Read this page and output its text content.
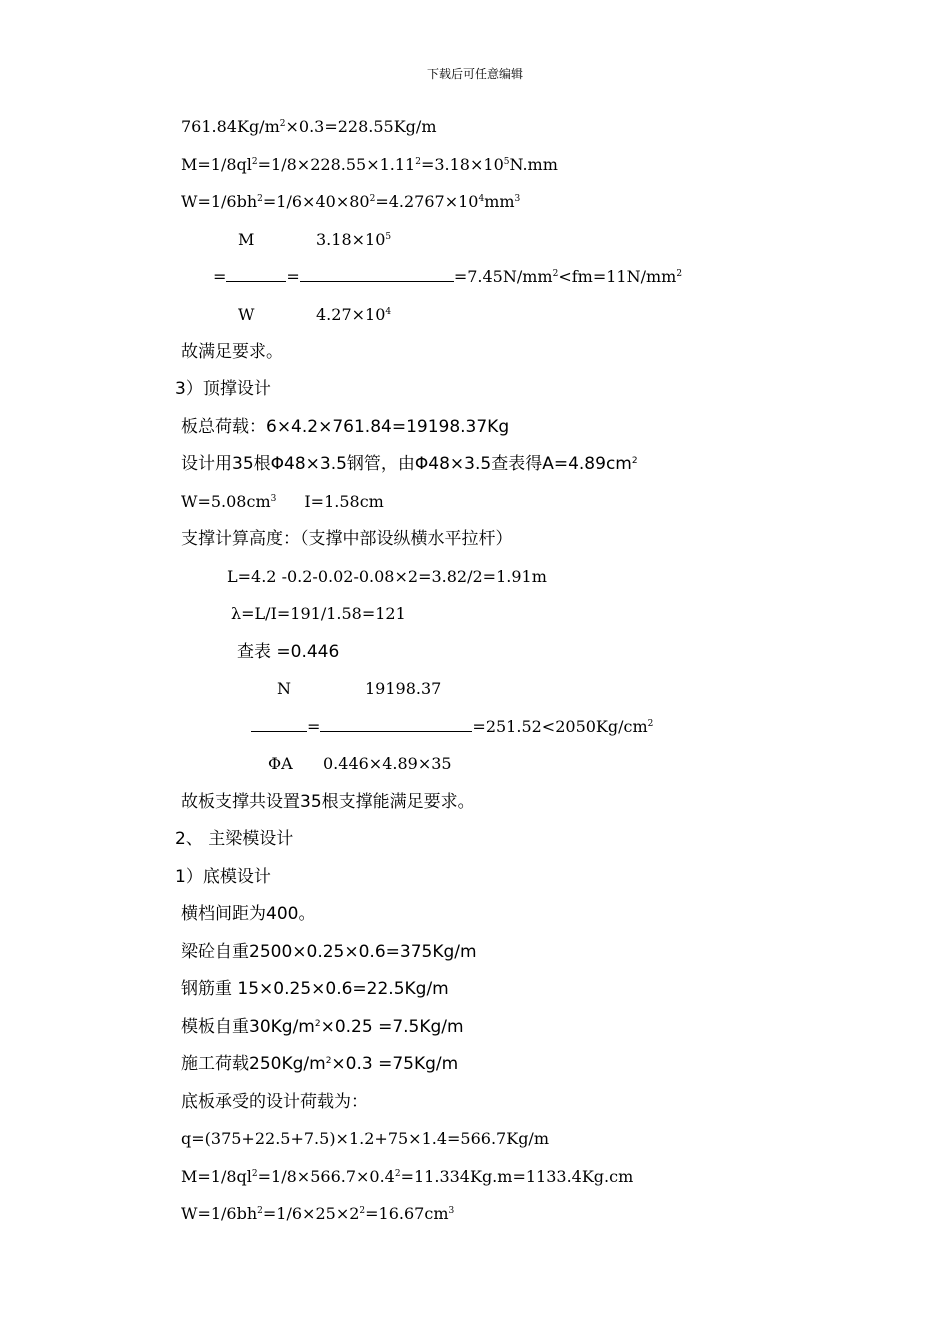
下载后可任意编辑
$761.84Kg/m^2\times 0.3=228.55Kg/m$
$M=1/8ql^2=1/8\times 228.55\times 1.11^2=3.18\times 10^5N.mm$
$W=1/6bh^2=1/6\times 40\times 80^2=4.2767\times 10^4mm^3$
M	$3.18\times 10^5$
=	=	$=7.45N/mm^2<fm=11N/mm^2$
W	$4.27\times 10^4$
故满足要求。
3）顶撑设计
板总荷载：6×4.2×761.84=19198.37Kg
设计用35根Φ48×3.5钢管，由Φ48×3.5查表得$A=4.89cm^2$
$W=5.08cm^3$ I=1.58cm
支撑计算高度：（支撑中部设纵横水平拉杆）
L=4.2 -0.2-0.02-0.08×2=3.82/2=1.91m
λ=L/I=191/1.58=121
查表 =0.446
N	19198.37
=	$=251.52<2050Kg/cm^2$
ΦA 0.446×4.89×35
故板支撑共设置35根支撑能满足要求。
2、 主梁模设计
1）底模设计
横档间距为400。
梁砼自重2500×0.25×0.6=375Kg/m
钢筋重 15×0.25×0.6=22.5Kg/m
模板自重$30Kg/m^2\times 0.25 =7.5Kg/m$
施工荷载$250Kg/m^2\times 0.3 =75Kg/m$
底板承受的设计荷载为：
q=(375+22.5+7.5)×1.2+75×1.4=566.7Kg/m
$M=1/8ql^2=1/8\times 566.7\times 0.4^2=11.334Kg.m=1133.4Kg.cm$
$W=1/6bh^2=1/6\times 25\times 2^2=16.67cm^3$
